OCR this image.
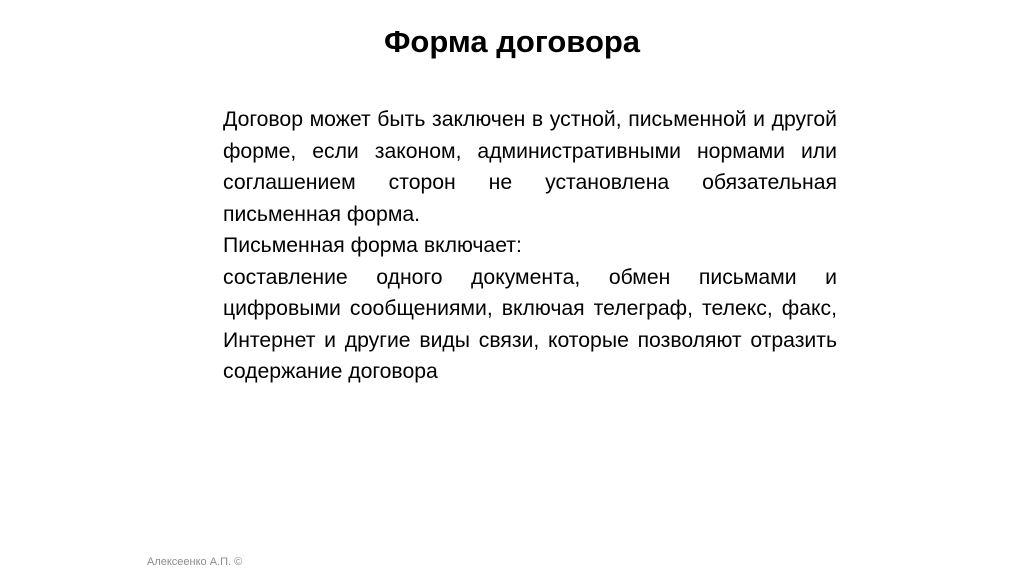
Форма договора

Договор может быть заключен в устной, письменной и другой форме, если законом, административными нормами или соглашением сторон не установлена обязательная письменная форма.

Письменная форма включает:

составление одного документа, обмен письмами и цифровыми сообщениями, включая телеграф, телекс, факс, Интернет и другие виды связи, которые позволяют отразить содержание договора

Алексеенко А.П. ©
